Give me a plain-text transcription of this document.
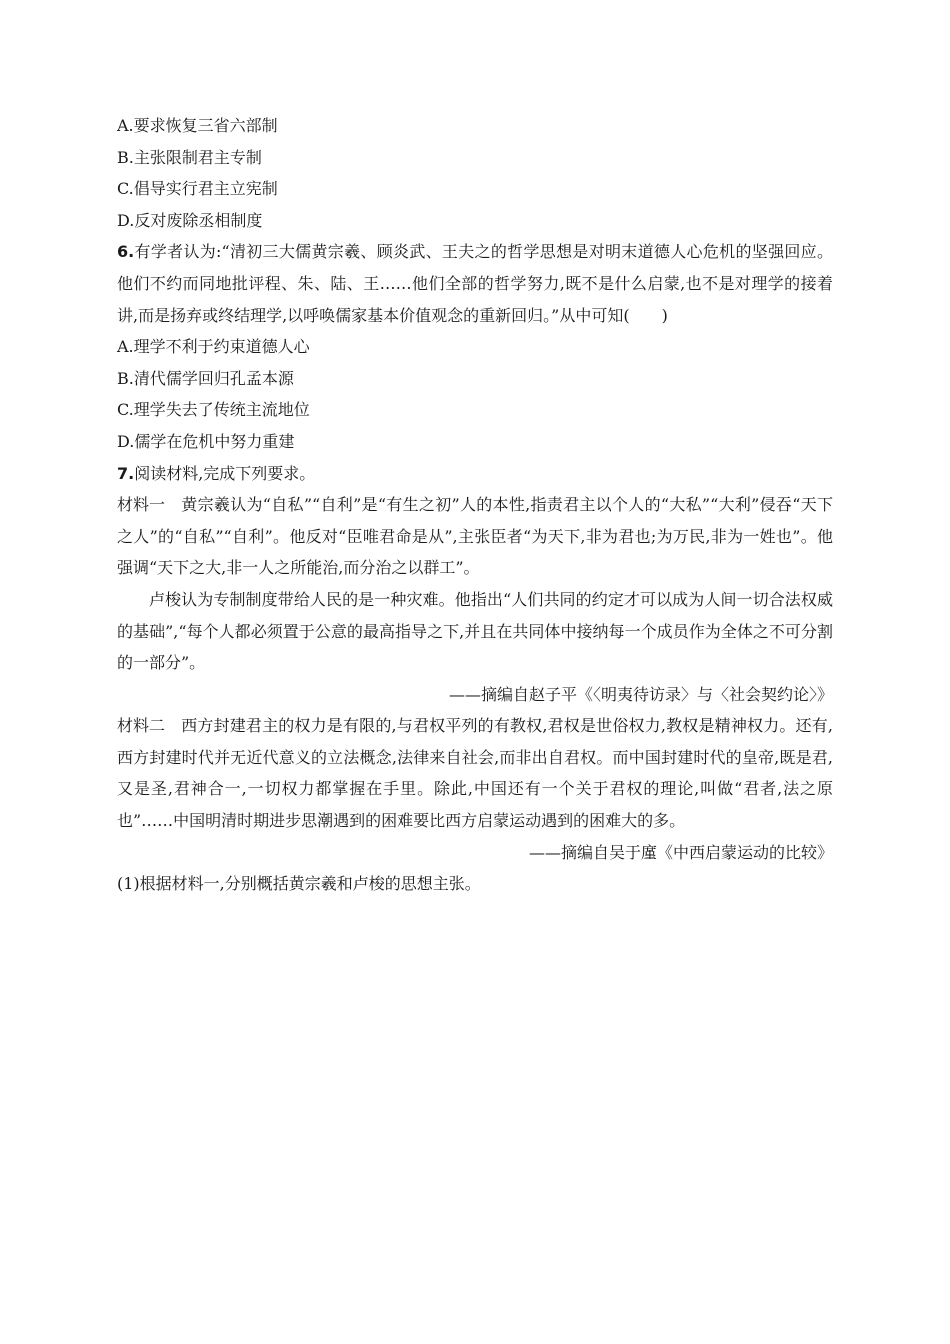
A.要求恢复三省六部制
B.主张限制君主专制
C.倡导实行君主立宪制
D.反对废除丞相制度
6.有学者认为:“清初三大儒黄宗羲、顾炎武、王夫之的哲学思想是对明末道德人心危机的坚强回应。他们不约而同地批评程、朱、陆、王……他们全部的哲学努力,既不是什么启蒙,也不是对理学的接着讲,而是扬弃或终结理学,以呼唤儒家基本价值观念的重新回归。”从中可知(　　)
A.理学不利于约束道德人心
B.清代儒学回归孔孟本源
C.理学失去了传统主流地位
D.儒学在危机中努力重建
7.阅读材料,完成下列要求。
材料一 黄宗羲认为“自私”“自利”是“有生之初”人的本性,指责君主以个人的“大私”“大利”侵吞“天下之人”的“自私”“自利”。他反对“臣唯君命是从”,主张臣者“为天下,非为君也;为万民,非为一姓也”。他强调“天下之大,非一人之所能治,而分治之以群工”。
卢梭认为专制制度带给人民的是一种灾难。他指出“人们共同的约定才可以成为人间一切合法权威的基础”,“每个人都必须置于公意的最高指导之下,并且在共同体中接纳每一个成员作为全体之不可分割的一部分”。
——摘编自赵子平《〈明夷待访录〉与〈社会契约论〉》
材料二 西方封建君主的权力是有限的,与君权平列的有教权,君权是世俗权力,教权是精神权力。还有,西方封建时代并无近代意义的立法概念,法律来自社会,而非出自君权。而中国封建时代的皇帝,既是君,又是圣,君神合一,一切权力都掌握在手里。除此,中国还有一个关于君权的理论,叫做“君者,法之原也”……中国明清时期进步思潮遇到的困难要比西方启蒙运动遇到的困难大的多。
——摘编自吴于廑《中西启蒙运动的比较》
(1)根据材料一,分别概括黄宗羲和卢梭的思想主张。
